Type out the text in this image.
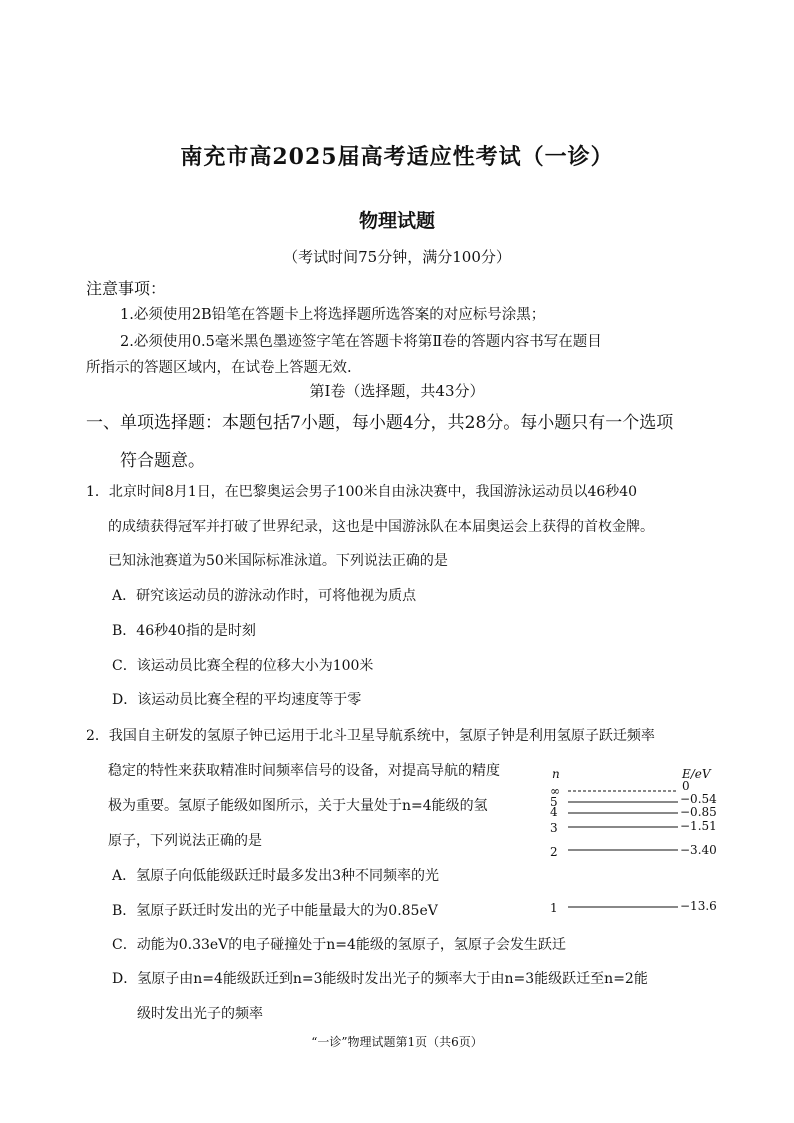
南充市高2025届高考适应性考试（一诊）
物理试题
（考试时间75分钟，满分100分）
注意事项：
1.必须使用2B铅笔在答题卡上将选择题所选答案的对应标号涂黑；
2.必须使用0.5毫米黑色墨迹签字笔在答题卡将第Ⅱ卷的答题内容书写在题目
所指示的答题区域内，在试卷上答题无效.
第Ⅰ卷（选择题，共43分）
一、单项选择题：本题包括7小题，每小题4分，共28分。每小题只有一个选项
符合题意。
1．北京时间8月1日，在巴黎奥运会男子100米自由泳决赛中，我国游泳运动员以46秒40
的成绩获得冠军并打破了世界纪录，这也是中国游泳队在本届奥运会上获得的首枚金牌。
已知泳池赛道为50米国际标准泳道。下列说法正确的是
A．研究该运动员的游泳动作时，可将他视为质点
B．46秒40指的是时刻
C．该运动员比赛全程的位移大小为100米
D．该运动员比赛全程的平均速度等于零
2．我国自主研发的氢原子钟已运用于北斗卫星导航系统中，氢原子钟是利用氢原子跃迁频率
稳定的特性来获取精准时间频率信号的设备，对提高导航的精度
极为重要。氢原子能级如图所示，关于大量处于n=4能级的氢
原子，下列说法正确的是
A．氢原子向低能级跃迁时最多发出3种不同频率的光
B．氢原子跃迁时发出的光子中能量最大的为0.85eV
C．动能为0.33eV的电子碰撞处于n=4能级的氢原子，氢原子会发生跃迁
D．氢原子由n=4能级跃迁到n=3能级时发出光子的频率大于由n=3能级跃迁至n=2能
级时发出光子的频率
n	E/eV
∞	0
5	−0.54
4	−0.85
3	−1.51
2	−3.40
1	−13.6
“一诊”物理试题第1页（共6页）
